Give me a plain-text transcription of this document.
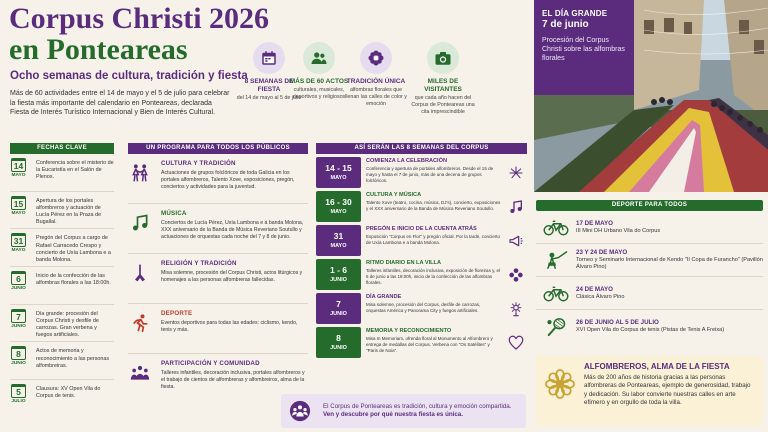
Corpus Christi 2026
en Ponteareas
Ocho semanas de cultura, tradición y fiesta
Más de 60 actividades entre el 14 de mayo y el 5 de julio para celebrar la fiesta más importante del calendario en Ponteareas, declarada Fiesta de Interés Turístico Internacional y Bien de Interés Cultural.
8 SEMANAS DE FIESTA
del 14 de mayo al 5 de julio
MÁS DE 60 ACTOS
culturales, musicales, deportivos y religiosos
TRADICIÓN ÚNICA
alfombras florales que llenan las calles de color y emoción
MILES DE VISITANTES
que cada año hacen del Corpus de Ponteareas una cita imprescindible
EL DÍA GRANDE
7 de junio
Procesión del Corpus Christi sobre las alfombras florales
FECHAS CLAVE
14
MAYO
Conferencia sobre el misterio de la Eucaristía en el Salón de Plenos.
15
MAYO
Apertura de los portales alfombreros y actuación de Lucía Pérez en la Praza de Bugallal.
31
MAYO
Pregón del Corpus a cargo de Rafael Carracedo Crespo y concierto de Uxía Lambona e a banda Molona.
6
JUNIO
Inicio de la confección de las alfombras florales a las 18:00h.
7
JUNIO
Día grande: procesión del Corpus Christi y desfile de carrozas. Gran verbena y fuegos artificiales.
8
JUNIO
Actos de memoria y reconocimiento a las personas alfombreiras.
5
JULIO
Clausura: XV Open Vila do Corpus de tenis.
UN PROGRAMA PARA TODOS LOS PÚBLICOS
CULTURA Y TRADICIÓN
Actuaciones de grupos folclóricos de toda Galicia en los portales alfombreros, Talento Xove, exposiciones, pregón, conciertos y actividades para la juventud.
MÚSICA
Conciertos de Lucía Pérez, Uxía Lambona e a banda Molona, XXX aniversario de la Banda de Música Reveriano Soutullo y actuaciones de orquestas cada noche del 7 y 8 de junio.
RELIGIÓN Y TRADICIÓN
Misa solemne, procesión del Corpus Christi, actos litúrgicos y homenajes a las personas alfombreras fallecidas.
DEPORTE
Eventos deportivos para todas las edades: ciclismo, kendo, tenis y más.
PARTICIPACIÓN Y COMUNIDAD
Talleres infantiles, decoración inclusiva, portales alfombreros y el trabajo de cientos de alfombreras y alfombreiros, alma de la fiesta.
ASÍ SERÁN LAS 8 SEMANAS DEL CORPUS
14 - 15
MAYO
COMIENZA LA CELEBRACIÓN
Conferencia y apertura de portales alfombreros. Desde el 15 de mayo y hasta el 7 de junio, más de una decena de grupos folclóricos.
16 - 30
MAYO
CULTURA Y MÚSICA
Talento Xove (teatro, cocina, música, DJ's), concierto, exposiciones y el XXX aniversario de la Banda de Música Reveriano Soutullo.
31
MAYO
PREGÓN E INICIO DE LA CUENTA ATRÁS
Exposición "Corpus en Flor" y pregón oficial. Por la tarde, concierto de Uxía Lambona e a banda Molona.
1 - 6
JUNIO
RITMO DIARIO EN LA VILLA
Talleres infantiles, decoración inclusiva, exposición de floreiras y, el 6 de junio a las 18:00h, inicio de la confección de las alfombras florales.
7
JUNIO
DÍA GRANDE
Misa solemne, procesión del Corpus, desfile de carrozas, orquestas América y Panorama City y fuegos artificiales.
8
JUNIO
MEMORIA Y RECONOCIMIENTO
Misa In Memoriam, ofrenda floral al Monumento al Alfombrero y entrega de medallas del Corpus. Verbena con "Os Satélites" y "Paris de Noia".
El Corpus de Ponteareas es tradición, cultura y emoción compartida.
Ven y descubre por qué nuestra fiesta es única.
DEPORTE PARA TODOS
17 DE MAYO
III Mini DH Urbano Vila do Corpus
23 Y 24 DE MAYO
Torneo y Seminario Internacional de Kendo "II Copa de Furancho" (Pavillón Álvaro Pino)
24 DE MAYO
Clásica Álvaro Pino
26 DE JUNIO AL 5 DE JULIO
XVI Open Vila do Corpus de tenis (Pistas de Tenis A Freixa)
ALFOMBREROS, ALMA DE LA FIESTA
Más de 200 años de historia gracias a las personas alfombreras de Ponteareas, ejemplo de generosidad, trabajo y dedicación. Su labor convierte nuestras calles en arte efímero y en orgullo de toda la villa.
